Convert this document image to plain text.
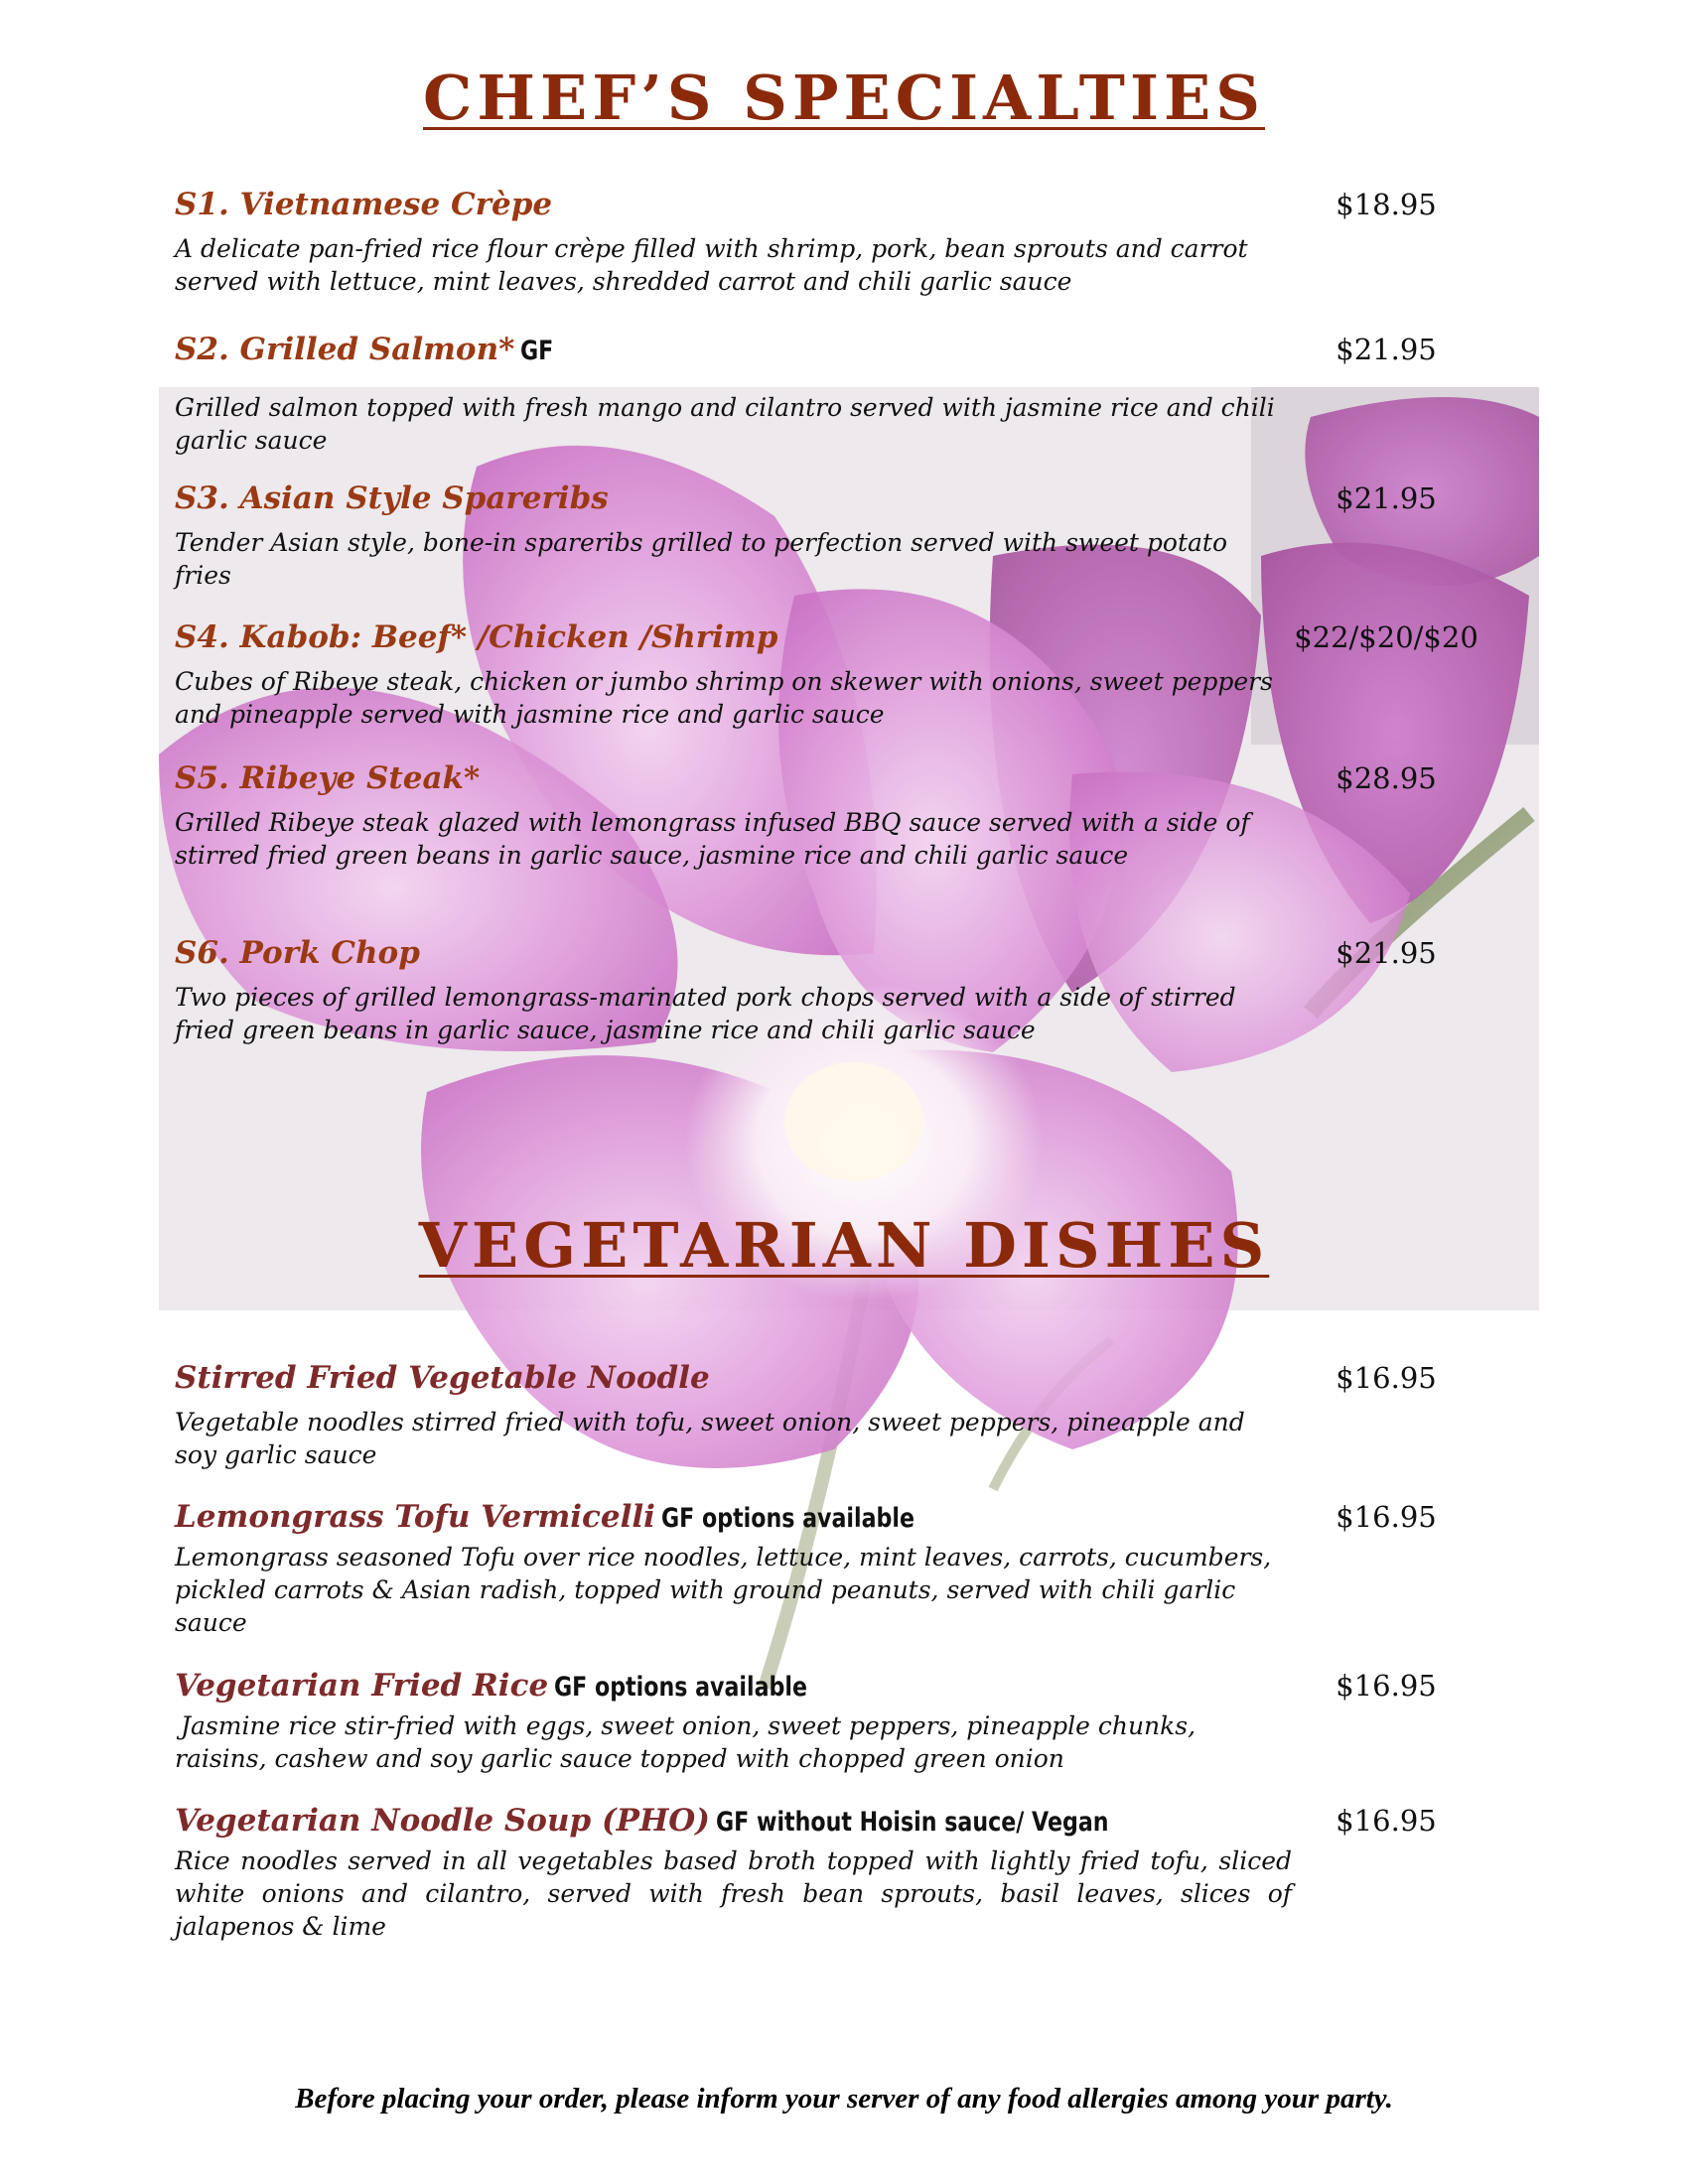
CHEF’S SPECIALTIES
S1. Vietnamese Crèpe	$18.95
A delicate pan-fried rice flour crèpe filled with shrimp, pork, bean sprouts and carrot served with lettuce, mint leaves, shredded carrot and chili garlic sauce
S2. Grilled Salmon* GF	$21.95
Grilled salmon topped with fresh mango and cilantro served with jasmine rice and chili garlic sauce
S3. Asian Style Spareribs	$21.95
Tender Asian style, bone-in spareribs grilled to perfection served with sweet potato fries
S4. Kabob: Beef* /Chicken /Shrimp	$22/$20/$20
Cubes of Ribeye steak, chicken or jumbo shrimp on skewer with onions, sweet peppers and pineapple served with jasmine rice and garlic sauce
S5. Ribeye Steak*	$28.95
Grilled Ribeye steak glazed with lemongrass infused BBQ sauce served with a side of stirred fried green beans in garlic sauce, jasmine rice and chili garlic sauce
S6. Pork Chop	$21.95
Two pieces of grilled lemongrass-marinated pork chops served with a side of stirred fried green beans in garlic sauce, jasmine rice and chili garlic sauce
VEGETARIAN DISHES
Stirred Fried Vegetable Noodle	$16.95
Vegetable noodles stirred fried with tofu, sweet onion, sweet peppers, pineapple and soy garlic sauce
Lemongrass Tofu Vermicelli GF options available	$16.95
Lemongrass seasoned Tofu over rice noodles, lettuce, mint leaves, carrots, cucumbers, pickled carrots & Asian radish, topped with ground peanuts, served with chili garlic sauce
Vegetarian Fried Rice GF options available	$16.95
Jasmine rice stir-fried with eggs, sweet onion, sweet peppers, pineapple chunks, raisins, cashew and soy garlic sauce topped with chopped green onion
Vegetarian Noodle Soup (PHO) GF without Hoisin sauce/ Vegan	$16.95
Rice noodles served in all vegetables based broth topped with lightly fried tofu, sliced white onions and cilantro, served with fresh bean sprouts, basil leaves, slices of jalapenos & lime
Before placing your order, please inform your server of any food allergies among your party.
